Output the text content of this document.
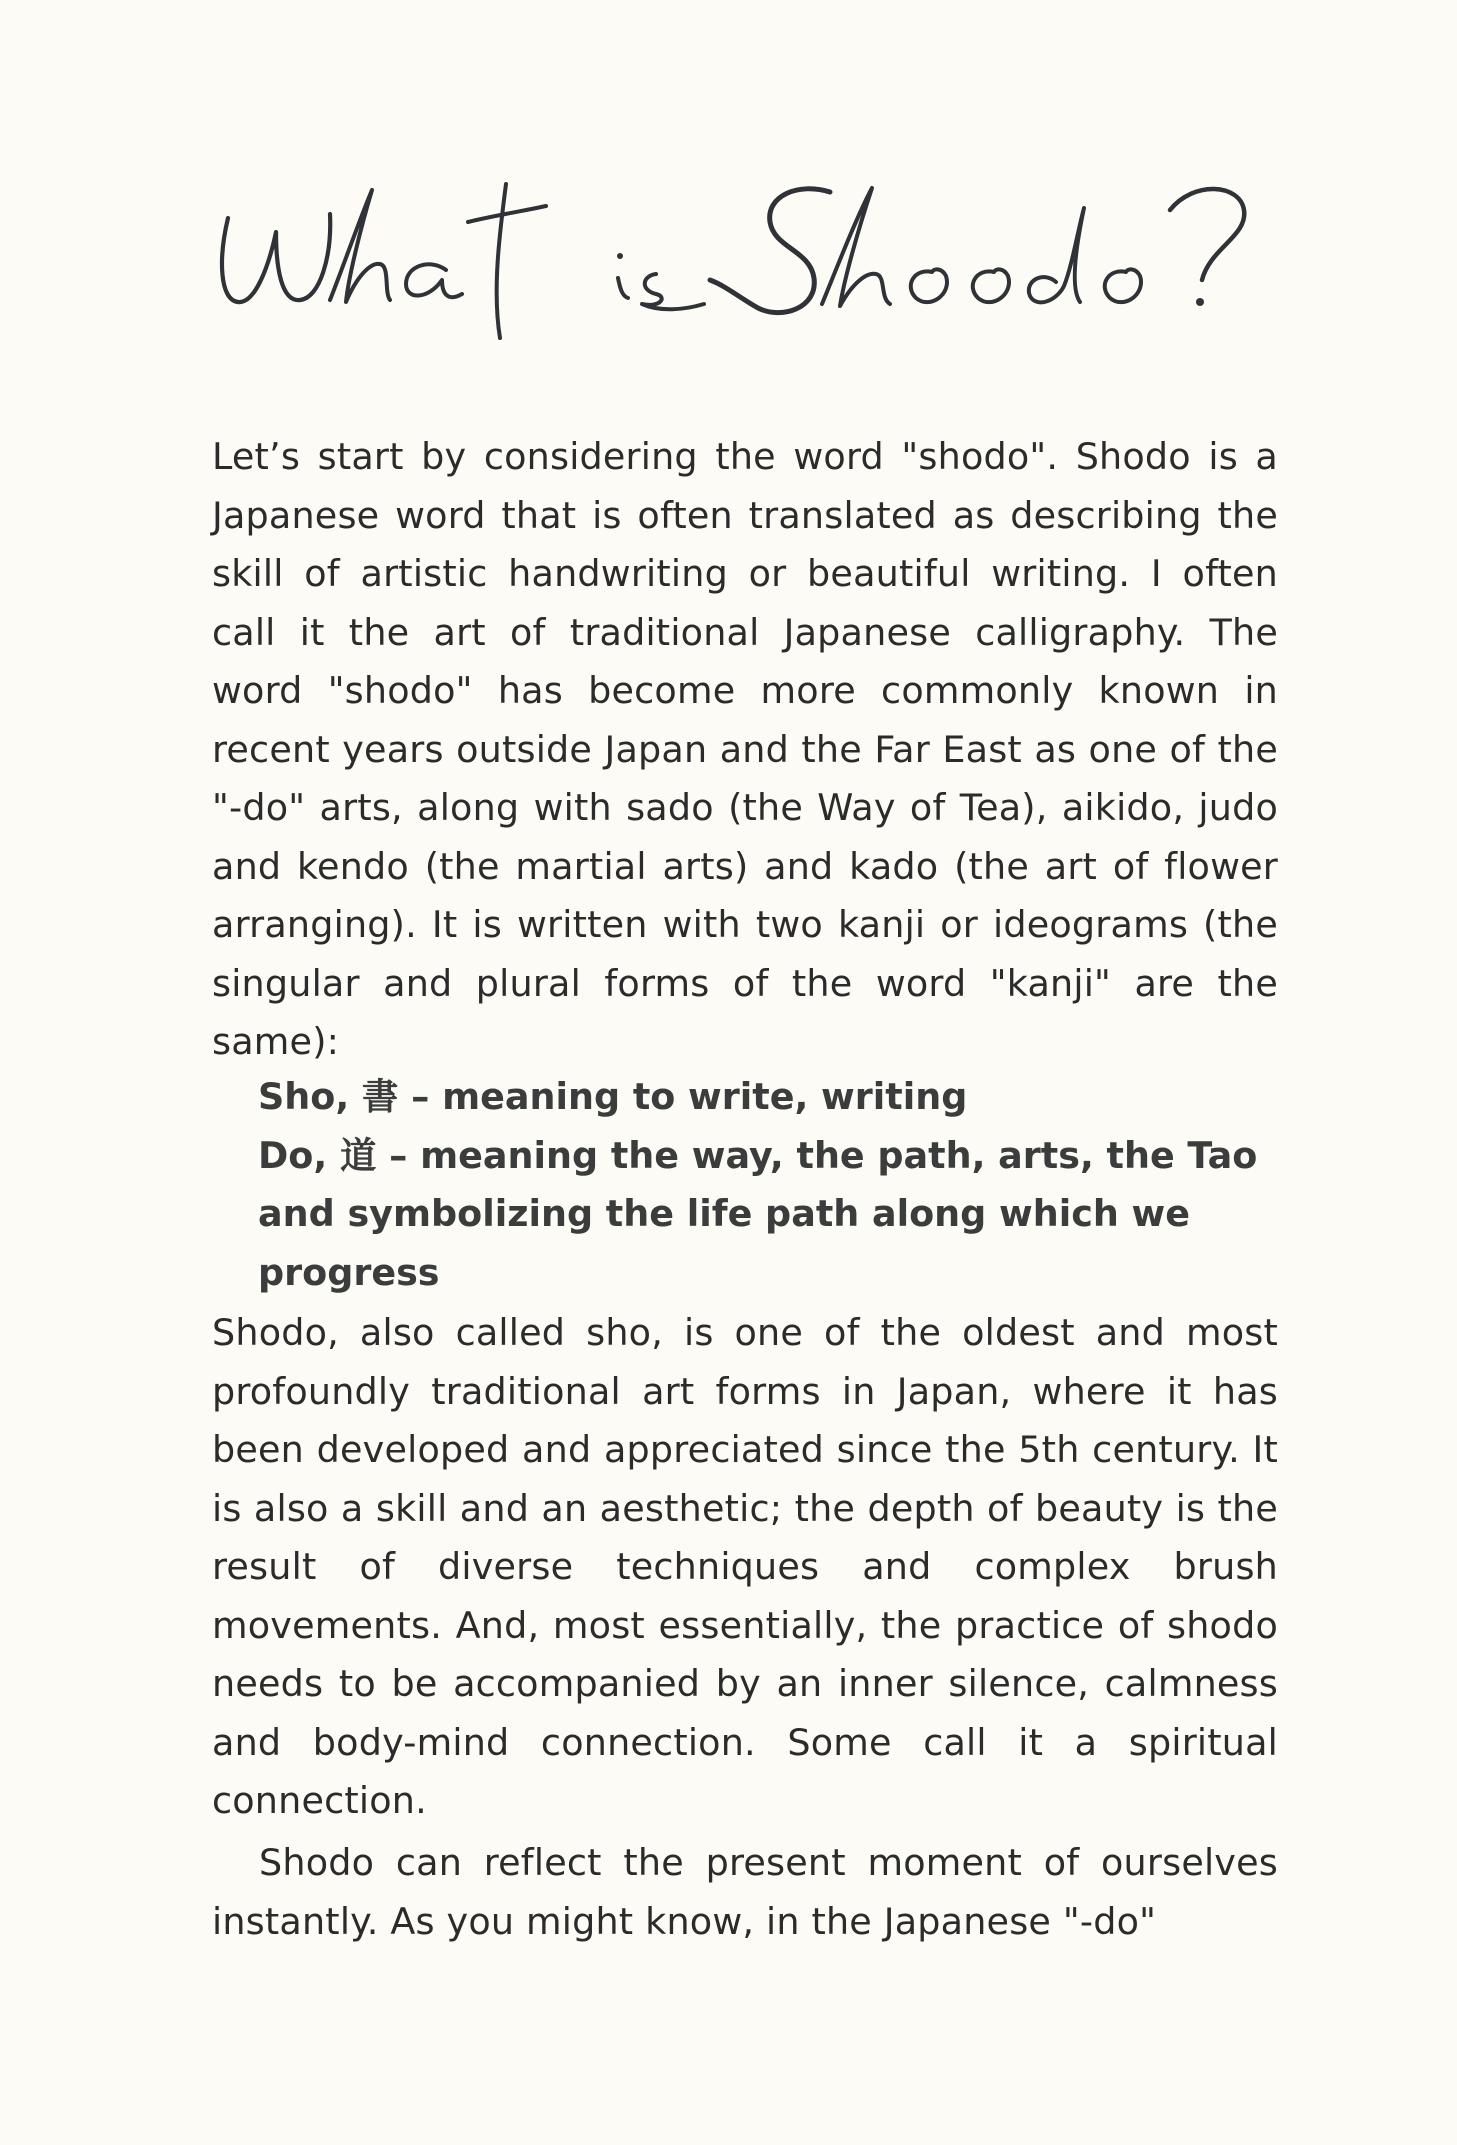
Let’s start by considering the word "shodo". Shodo is a Japanese word that is often translated as describing the skill of artistic handwriting or beautiful writing. I often call it the art of traditional Japanese calligraphy. The word "shodo" has become more commonly known in recent years outside Japan and the Far East as one of the "-do" arts, along with sado (the Way of Tea), aikido, judo and kendo (the martial arts) and kado (the art of flower arranging). It is written with two kanji or ideograms (the singular and plural forms of the word "kanji" are the same):

Sho, 書 – meaning to write, writing
Do, 道 – meaning the way, the path, arts, the Tao and symbolizing the life path along which we progress

Shodo, also called sho, is one of the oldest and most profoundly traditional art forms in Japan, where it has been developed and appreciated since the 5th century. It is also a skill and an aesthetic; the depth of beauty is the result of diverse techniques and complex brush movements. And, most essentially, the practice of shodo needs to be accompanied by an inner silence, calmness and body-mind connection. Some call it a spiritual connection.

Shodo can reflect the present moment of ourselves instantly. As you might know, in the Japanese "-do"
